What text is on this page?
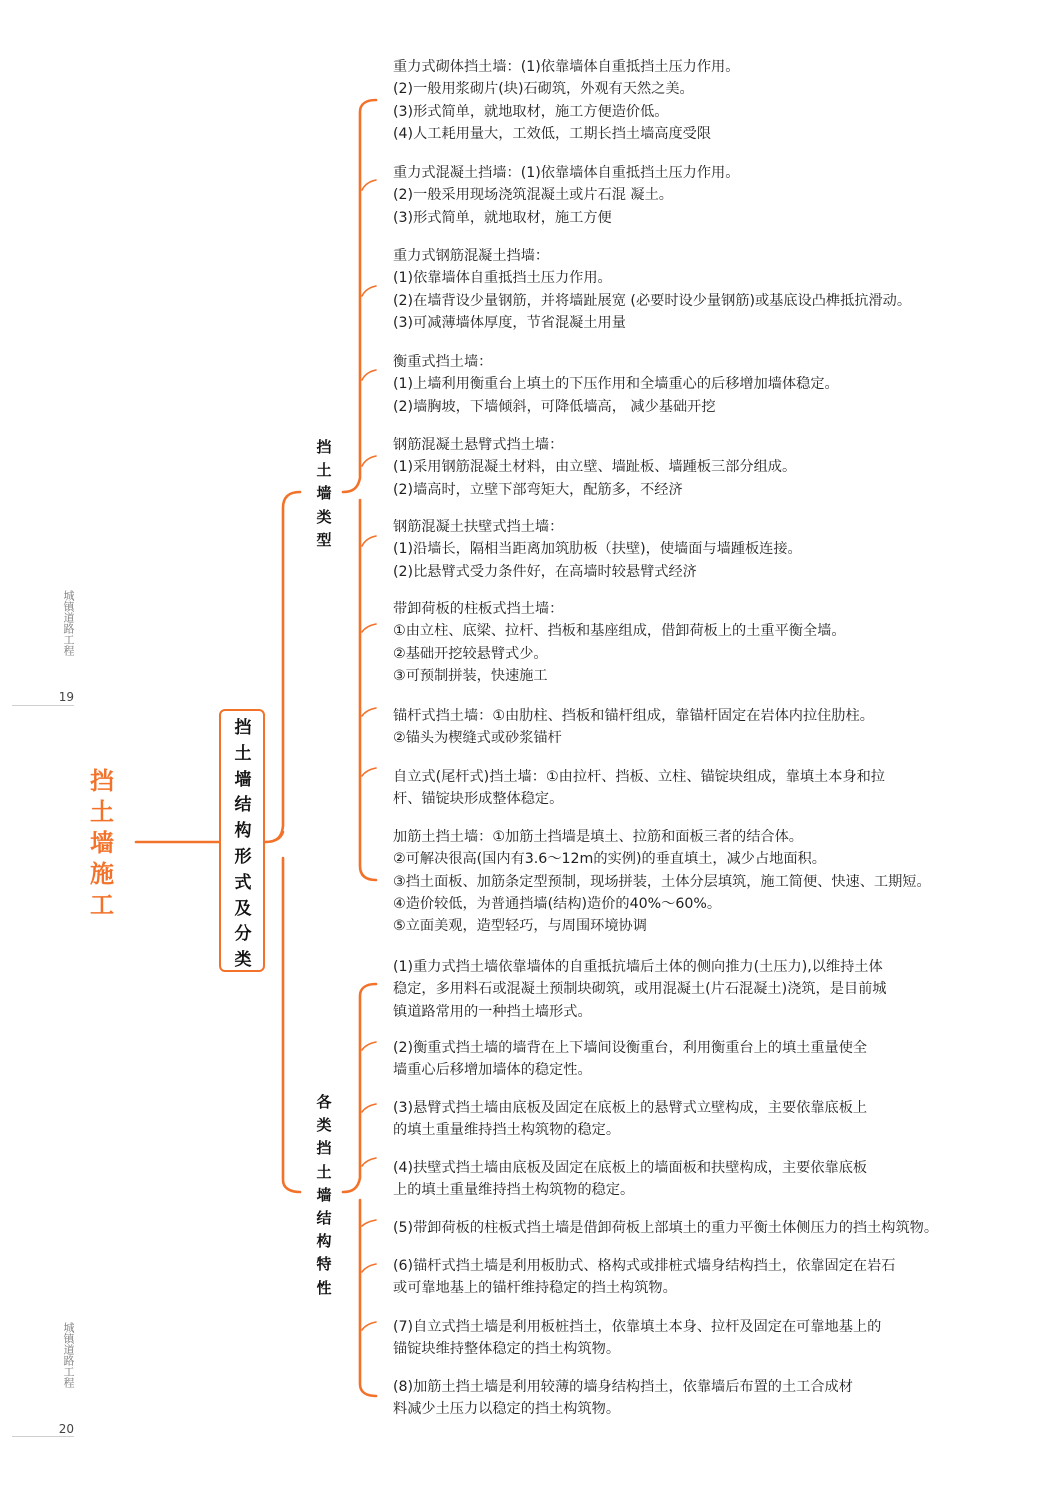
城镇道路工程
19
城镇道路工程
20
挡土墙施工
挡土墙结构形式及分类
挡土墙类型
各类挡土墙结构特性
重力式砌体挡土墙：(1)依靠墙体自重抵挡土压力作用。
(2)一般用浆砌片(块)石砌筑，外观有天然之美。
(3)形式简单，就地取材，施工方便造价低。
(4)人工耗用量大，工效低，工期长挡土墙高度受限
重力式混凝土挡墙：(1)依靠墙体自重抵挡土压力作用。
(2)一般采用现场浇筑混凝土或片石混 凝土。
(3)形式简单，就地取材，施工方便
重力式钢筋混凝土挡墙：
(1)依靠墙体自重抵挡土压力作用。
(2)在墙背设少量钢筋，并将墙趾展宽 (必要时设少量钢筋)或基底设凸榫抵抗滑动。
(3)可减薄墙体厚度，节省混凝土用量
衡重式挡土墙：
(1)上墙利用衡重台上填土的下压作用和全墙重心的后移增加墙体稳定。
(2)墙胸坡，下墙倾斜，可降低墙高， 减少基础开挖
钢筋混凝土悬臂式挡土墙：
(1)采用钢筋混凝土材料，由立壁、墙趾板、墙踵板三部分组成。
(2)墙高时，立壁下部弯矩大，配筋多，不经济
钢筋混凝土扶壁式挡土墙：
(1)沿墙长，隔相当距离加筑肋板（扶壁)，使墙面与墙踵板连接。
(2)比悬臂式受力条件好，在高墙时较悬臂式经济
带卸荷板的柱板式挡土墙：
①由立柱、底梁、拉杆、挡板和基座组成，借卸荷板上的土重平衡全墙。
②基础开挖较悬臂式少。
③可预制拼装，快速施工
锚杆式挡土墙：①由肋柱、挡板和锚杆组成，靠锚杆固定在岩体内拉住肋柱。
②锚头为楔缝式或砂浆锚杆
自立式(尾杆式)挡土墙：①由拉杆、挡板、立柱、锚锭块组成，靠填土本身和拉
杆、锚锭块形成整体稳定。
加筋土挡土墙：①加筋土挡墙是填土、拉筋和面板三者的结合体。
②可解决很高(国内有3.6～12m的实例)的垂直填土，减少占地面积。
③挡土面板、加筋条定型预制，现场拼装，土体分层填筑，施工简便、快速、工期短。
④造价较低，为普通挡墙(结构)造价的40%～60%。
⑤立面美观，造型轻巧，与周围环境协调
(1)重力式挡土墙依靠墙体的自重抵抗墙后土体的侧向推力(土压力),以维持土体
稳定，多用料石或混凝土预制块砌筑，或用混凝土(片石混凝土)浇筑，是目前城
镇道路常用的一种挡土墙形式。
(2)衡重式挡土墙的墙背在上下墙间设衡重台，利用衡重台上的填土重量使全
墙重心后移增加墙体的稳定性。
(3)悬臂式挡土墙由底板及固定在底板上的悬臂式立壁构成，主要依靠底板上
的填土重量维持挡土构筑物的稳定。
(4)扶壁式挡土墙由底板及固定在底板上的墙面板和扶壁构成，主要依靠底板
上的填土重量维持挡土构筑物的稳定。
(5)带卸荷板的柱板式挡土墙是借卸荷板上部填土的重力平衡土体侧压力的挡土构筑物。
(6)锚杆式挡土墙是利用板肋式、格构式或排桩式墙身结构挡土，依靠固定在岩石
或可靠地基上的锚杆维持稳定的挡土构筑物。
(7)自立式挡土墙是利用板桩挡土，依靠填土本身、拉杆及固定在可靠地基上的
锚锭块维持整体稳定的挡土构筑物。
(8)加筋土挡土墙是利用较薄的墙身结构挡土，依靠墙后布置的土工合成材
料减少土压力以稳定的挡土构筑物。
